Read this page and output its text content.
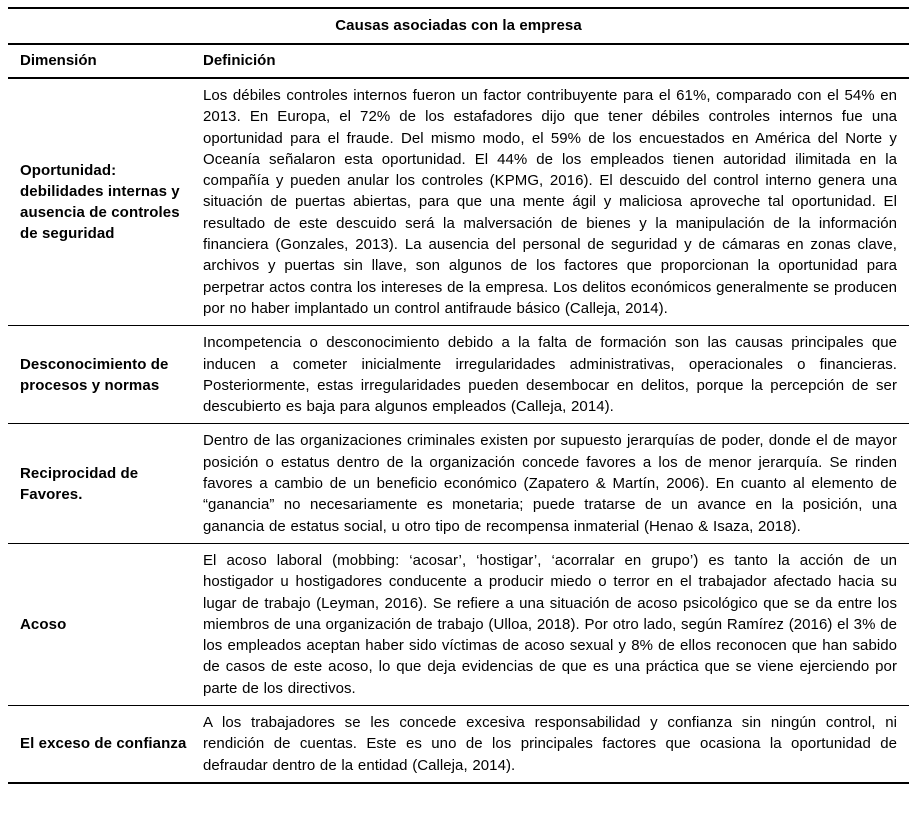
Causas asociadas con la empresa
Dimensión	Definición
Oportunidad: debilidades internas y ausencia de controles de seguridad
Los débiles controles internos fueron un factor contribuyente para el 61%, comparado con el 54% en 2013. En Europa, el 72% de los estafadores dijo que tener débiles controles internos fue una oportunidad para el fraude. Del mismo modo, el 59% de los encuestados en América del Norte y Oceanía señalaron esta oportunidad. El 44% de los empleados tienen autoridad ilimitada en la compañía y pueden anular los controles (KPMG, 2016). El descuido del control interno genera una situación de puertas abiertas, para que una mente ágil y maliciosa aproveche tal oportunidad. El resultado de este descuido será la malversación de bienes y la manipulación de la información financiera (Gonzales, 2013). La ausencia del personal de seguridad y de cámaras en zonas clave, archivos y puertas sin llave, son algunos de los factores que proporcionan la oportunidad para perpetrar actos contra los intereses de la empresa. Los delitos económicos generalmente se producen por no haber implantado un control antifraude básico (Calleja, 2014).
Desconocimiento de procesos y normas
Incompetencia o desconocimiento debido a la falta de formación son las causas principales que inducen a cometer inicialmente irregularidades administrativas, operacionales o financieras. Posteriormente, estas irregularidades pueden desembocar en delitos, porque la percepción de ser descubierto es baja para algunos empleados (Calleja, 2014).
Reciprocidad de Favores.
Dentro de las organizaciones criminales existen por supuesto jerarquías de poder, donde el de mayor posición o estatus dentro de la organización concede favores a los de menor jerarquía. Se rinden favores a cambio de un beneficio económico (Zapatero & Martín, 2006). En cuanto al elemento de “ganancia” no necesariamente es monetaria; puede tratarse de un avance en la posición, una ganancia de estatus social, u otro tipo de recompensa inmaterial (Henao & Isaza, 2018).
Acoso
El acoso laboral (mobbing: ‘acosar’, ‘hostigar’, ‘acorralar en grupo’) es tanto la acción de un hostigador u hostigadores conducente a producir miedo o terror en el trabajador afectado hacia su lugar de trabajo (Leyman, 2016). Se refiere a una situación de acoso psicológico que se da entre los miembros de una organización de trabajo (Ulloa, 2018). Por otro lado, según Ramírez (2016) el 3% de los empleados aceptan haber sido víctimas de acoso sexual y 8% de ellos reconocen que han sabido de casos de este acoso, lo que deja evidencias de que es una práctica que se viene ejerciendo por parte de los directivos.
El exceso de confianza
A los trabajadores se les concede excesiva responsabilidad y confianza sin ningún control, ni rendición de cuentas. Este es uno de los principales factores que ocasiona la oportunidad de defraudar dentro de la entidad (Calleja, 2014).
